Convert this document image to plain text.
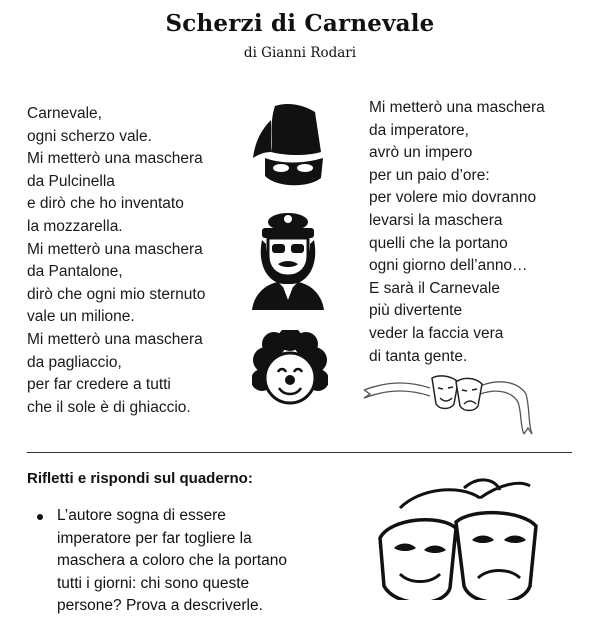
Scherzi di Carnevale
di Gianni Rodari
Carnevale,
ogni scherzo vale.
Mi metterò una maschera
da Pulcinella
e dirò che ho inventato
la mozzarella.
Mi metterò una maschera
da Pantalone,
dirò che ogni mio sternuto
vale un milione.
Mi metterò una maschera
da pagliaccio,
per far credere a tutti
che il sole è di ghiaccio.
Mi metterò una maschera
da imperatore,
avrò un impero
per un paio d’ore:
per volere mio dovranno
levarsi la maschera
quelli che la portano
ogni giorno dell’anno…
E sarà il Carnevale
più divertente
veder la faccia vera
di tanta gente.
Rifletti e rispondi sul quaderno:
L’autore sogna di essere
imperatore per far togliere la
maschera a coloro che la portano
tutti i giorni: chi sono queste
persone? Prova a descriverle.
